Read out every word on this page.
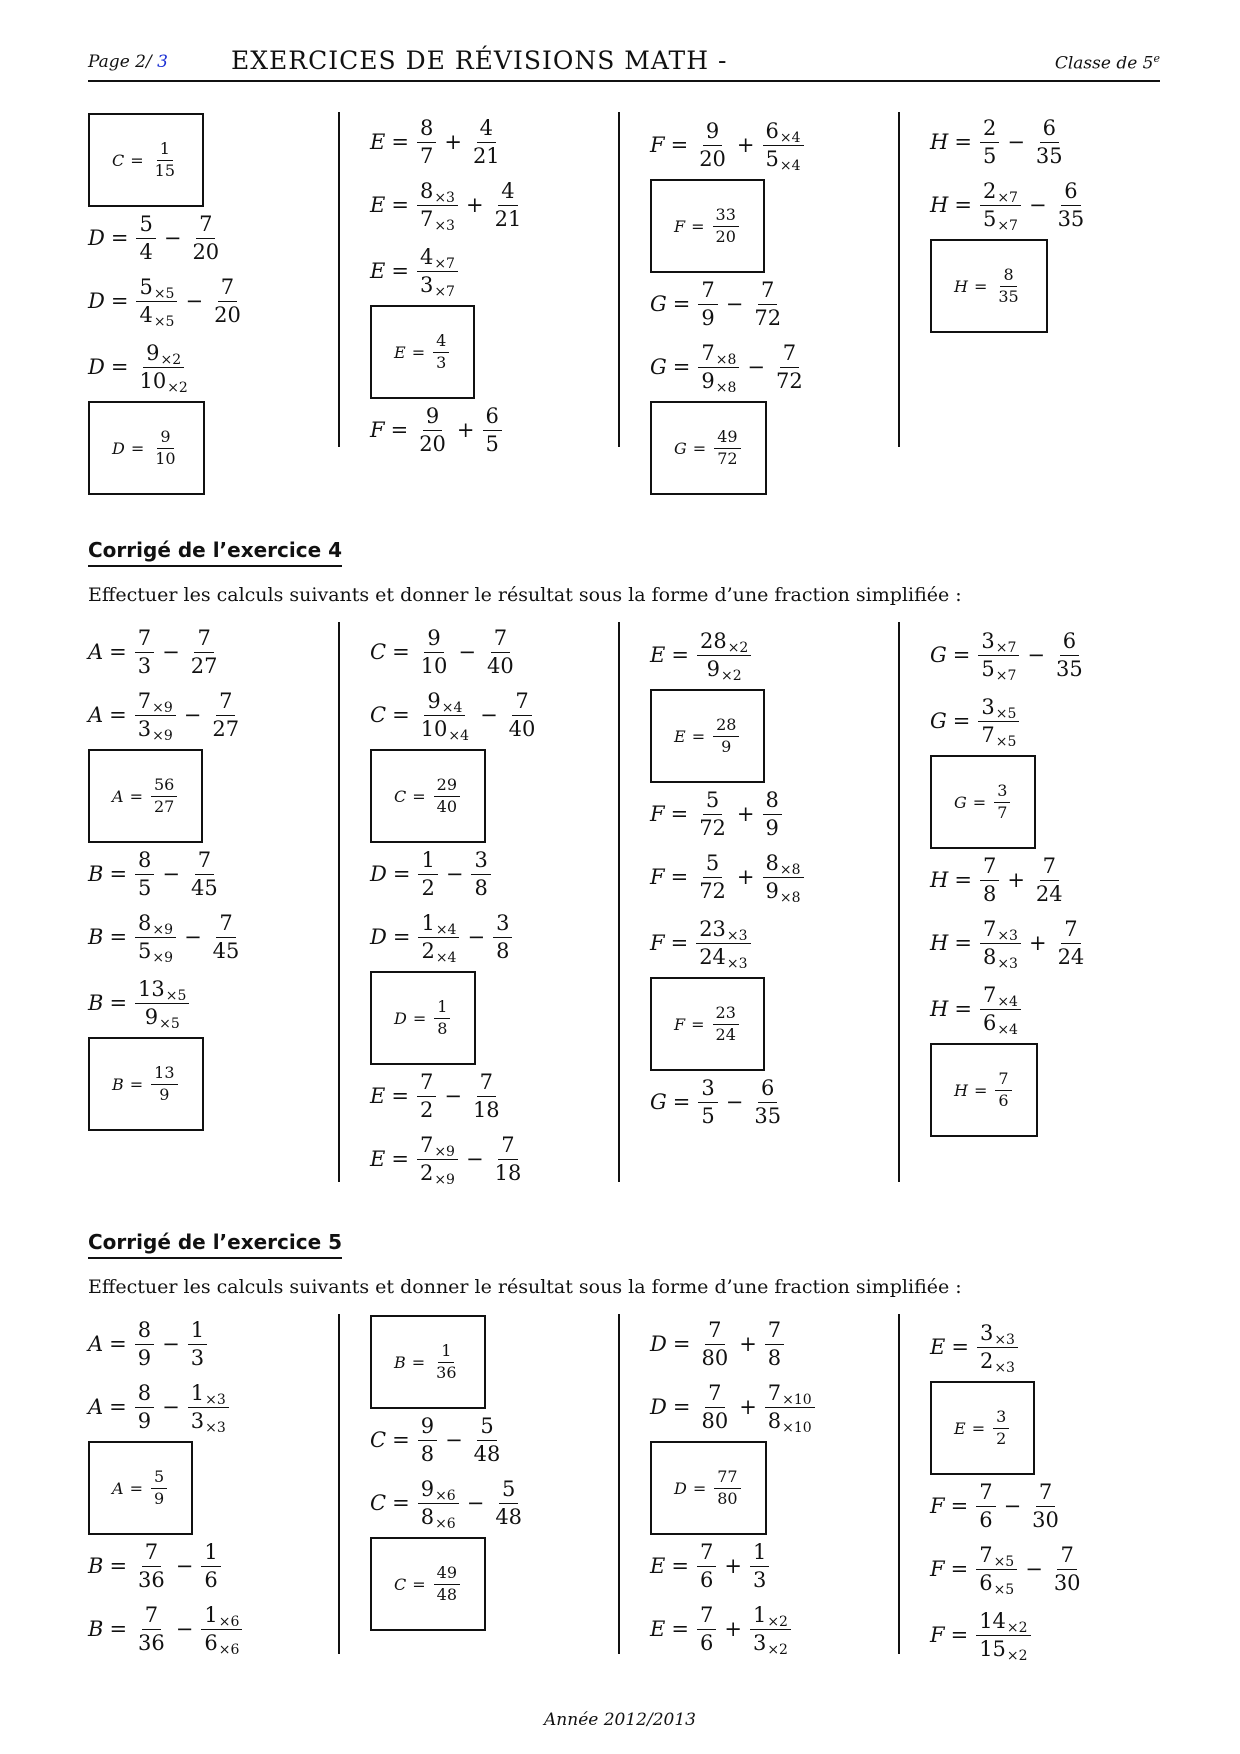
Page 2/ 3	EXERCICES DE RÉVISIONS MATH -	Classe de 5e
$C = \frac{1}{15}$
$D = \frac{5}{4} - \frac{7}{20}$
$D = \frac{5\times 5}{4\times 5} - \frac{7}{20}$
$D = \frac{9\times 2}{10\times 2}$
$D = \frac{9}{10}$
$E = \frac{8}{7} + \frac{4}{21}$
$E = \frac{8\times 3}{7\times 3} + \frac{4}{21}$
$E = \frac{4\times 7}{3\times 7}$
$E = \frac{4}{3}$
$F = \frac{9}{20} + \frac{6}{5}$
$F = \frac{9}{20} + \frac{6\times 4}{5\times 4}$
$F = \frac{33}{20}$
$G = \frac{7}{9} - \frac{7}{72}$
$G = \frac{7\times 8}{9\times 8} - \frac{7}{72}$
$G = \frac{49}{72}$
$H = \frac{2}{5} - \frac{6}{35}$
$H = \frac{2\times 7}{5\times 7} - \frac{6}{35}$
$H = \frac{8}{35}$
Corrigé de l’exercice 4
Effectuer les calculs suivants et donner le résultat sous la forme d’une fraction simplifiée :
$A = \frac{7}{3} - \frac{7}{27}$
$A = \frac{7\times 9}{3\times 9} - \frac{7}{27}$
$A = \frac{56}{27}$
$B = \frac{8}{5} - \frac{7}{45}$
$B = \frac{8\times 9}{5\times 9} - \frac{7}{45}$
$B = \frac{13\times 5}{9\times 5}$
$B = \frac{13}{9}$
$C = \frac{9}{10} - \frac{7}{40}$
$C = \frac{9\times 4}{10\times 4} - \frac{7}{40}$
$C = \frac{29}{40}$
$D = \frac{1}{2} - \frac{3}{8}$
$D = \frac{1\times 4}{2\times 4} - \frac{3}{8}$
$D = \frac{1}{8}$
$E = \frac{7}{2} - \frac{7}{18}$
$E = \frac{7\times 9}{2\times 9} - \frac{7}{18}$
$E = \frac{28\times 2}{9\times 2}$
$E = \frac{28}{9}$
$F = \frac{5}{72} + \frac{8}{9}$
$F = \frac{5}{72} + \frac{8\times 8}{9\times 8}$
$F = \frac{23\times 3}{24\times 3}$
$F = \frac{23}{24}$
$G = \frac{3}{5} - \frac{6}{35}$
$G = \frac{3\times 7}{5\times 7} - \frac{6}{35}$
$G = \frac{3\times 5}{7\times 5}$
$G = \frac{3}{7}$
$H = \frac{7}{8} + \frac{7}{24}$
$H = \frac{7\times 3}{8\times 3} + \frac{7}{24}$
$H = \frac{7\times 4}{6\times 4}$
$H = \frac{7}{6}$
Corrigé de l’exercice 5
Effectuer les calculs suivants et donner le résultat sous la forme d’une fraction simplifiée :
$A = \frac{8}{9} - \frac{1}{3}$
$A = \frac{8}{9} - \frac{1\times 3}{3\times 3}$
$A = \frac{5}{9}$
$B = \frac{7}{36} - \frac{1}{6}$
$B = \frac{7}{36} - \frac{1\times 6}{6\times 6}$
$B = \frac{1}{36}$
$C = \frac{9}{8} - \frac{5}{48}$
$C = \frac{9\times 6}{8\times 6} - \frac{5}{48}$
$C = \frac{49}{48}$
$D = \frac{7}{80} + \frac{7}{8}$
$D = \frac{7}{80} + \frac{7\times 10}{8\times 10}$
$D = \frac{77}{80}$
$E = \frac{7}{6} + \frac{1}{3}$
$E = \frac{7}{6} + \frac{1\times 2}{3\times 2}$
$E = \frac{3\times 3}{2\times 3}$
$E = \frac{3}{2}$
$F = \frac{7}{6} - \frac{7}{30}$
$F = \frac{7\times 5}{6\times 5} - \frac{7}{30}$
$F = \frac{14\times 2}{15\times 2}$
Année 2012/2013
